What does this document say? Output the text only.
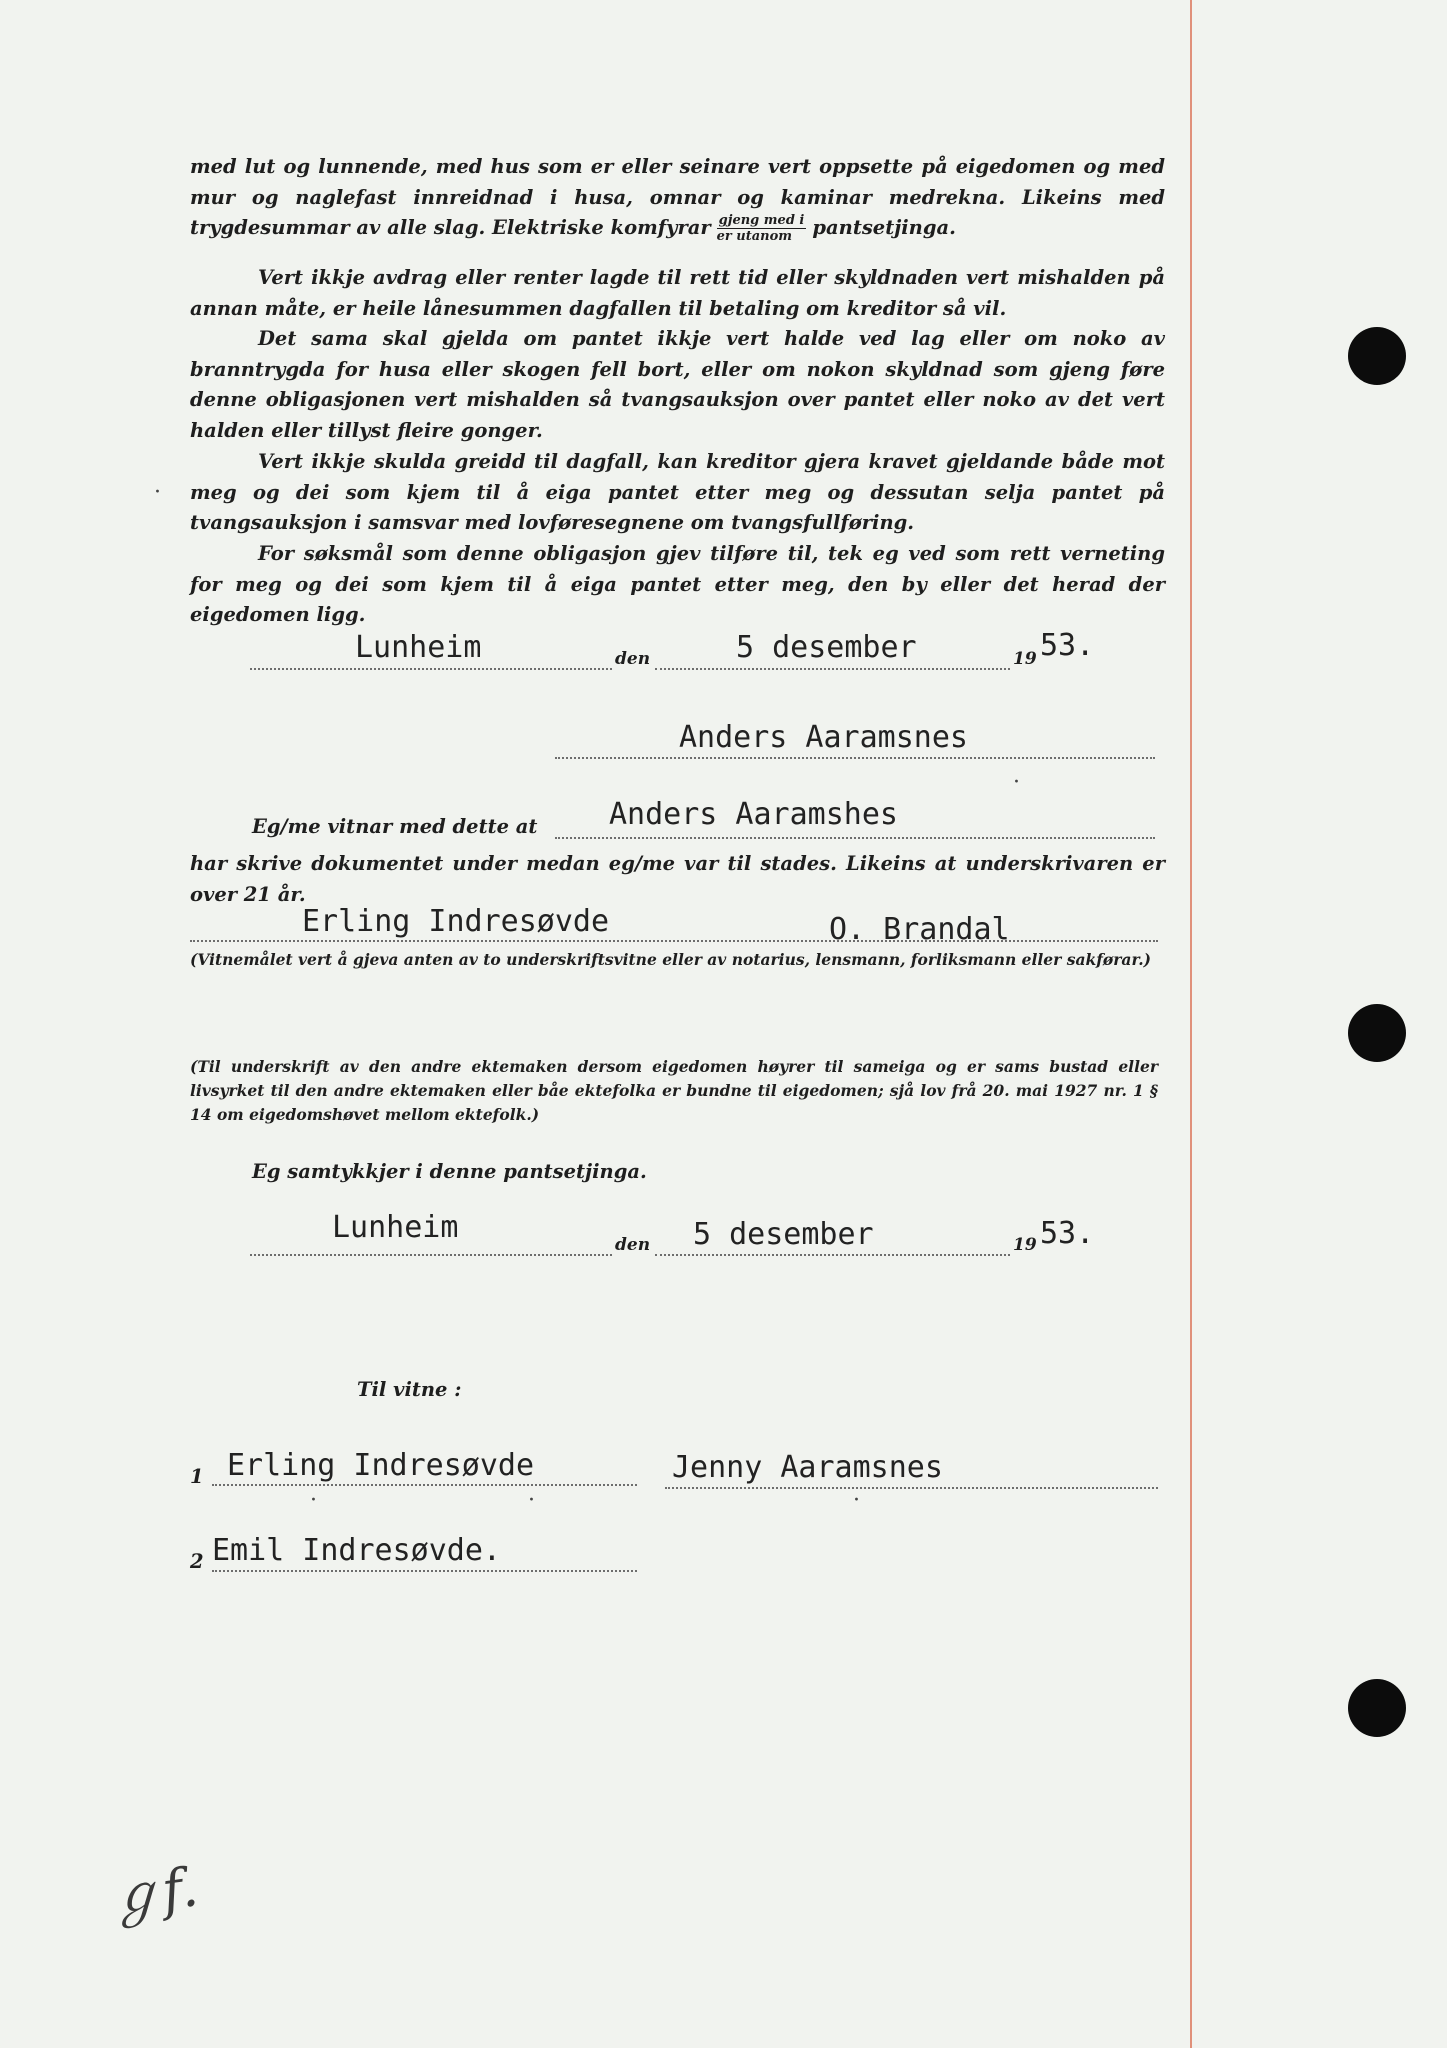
med lut og lunnende, med hus som er eller seinare vert oppsette på eigedomen og med mur og naglefast innreidnad i husa, omnar og kaminar medrekna. Likeins med trygdesummar av alle slag. Elektriske komfyrar $\frac{\text{gjeng med i}}{\text{er utanom}}$ pantsetjinga.

Vert ikkje avdrag eller renter lagde til rett tid eller skyldnaden vert mishalden på annan måte, er heile lånesummen dagfallen til betaling om kreditor så vil.

Det sama skal gjelda om pantet ikkje vert halde ved lag eller om noko av branntrygda for husa eller skogen fell bort, eller om nokon skyldnad som gjeng føre denne obligasjonen vert mishalden så tvangsauksjon over pantet eller noko av det vert halden eller tillyst fleire gonger.

Vert ikkje skulda greidd til dagfall, kan kreditor gjera kravet gjeldande både mot meg og dei som kjem til å eiga pantet etter meg og dessutan selja pantet på tvangsauksjon i samsvar med lovføresegnene om tvangsfullføring.

For søksmål som denne obligasjon gjev tilføre til, tek eg ved som rett verneting for meg og dei som kjem til å eiga pantet etter meg, den by eller det herad der eigedomen ligg.

Lunheim	den	5 desember	19 53.
Anders Aaramsnes
Eg/me vitnar med dette at Anders Aaramshes

har skrive dokumentet under medan eg/me var til stades. Likeins at underskrivaren er over 21 år.

Erling Indresøvde	O. Brandal
(Vitnemålet vert å gjeva anten av to underskriftsvitne eller av notarius, lensmann, forliksmann eller sakførar.)

(Til underskrift av den andre ektemaken dersom eigedomen høyrer til sameiga og er sams bustad eller livsyrket til den andre ektemaken eller båe ektefolka er bundne til eigedomen; sjå lov frå 20. mai 1927 nr. 1 § 14 om eigedomshøvet mellom ektefolk.)

Eg samtykkjer i denne pantsetjinga.
Lunheim	den 5 desember	19 53.
Til vitne :
1 Erling Indresøvde	Jenny Aaramsnes
2 Emil Indresøvde.
·	·	·
·
·
ℊf.
